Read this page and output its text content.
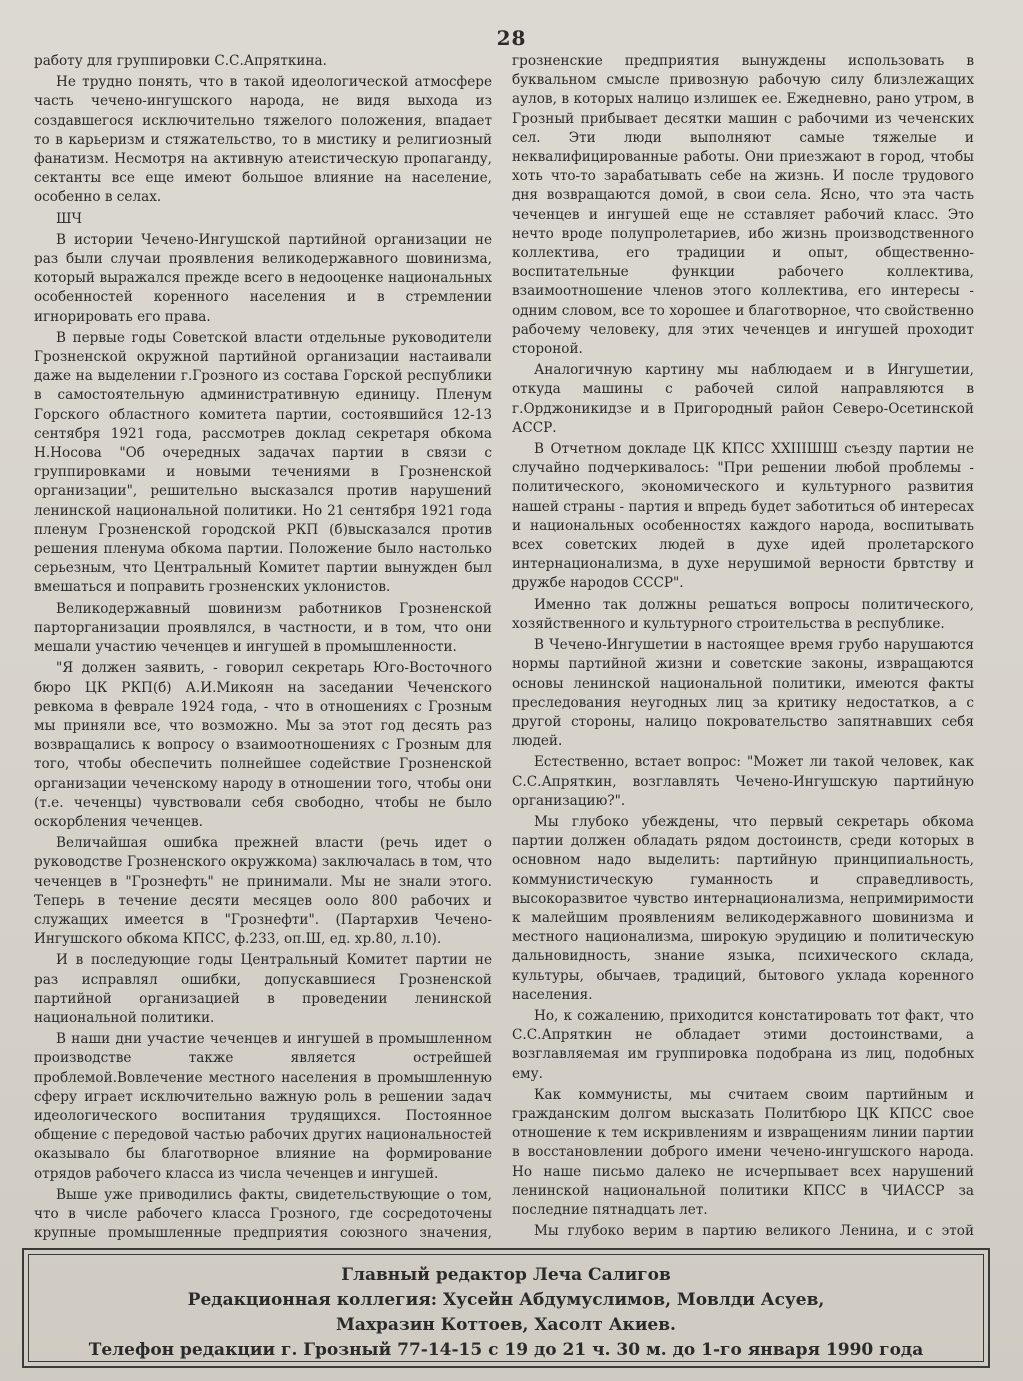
28

работу для группировки С.С.Апряткина.

Не трудно понять, что в такой идеологической атмосфере часть чечено-ингушского народа, не видя выхода из создавшегося исключительно тяжелого положения, впадает то в карьеризм и стяжательство, то в мистику и религиозный фанатизм. Несмотря на активную атеистическую пропаганду, сектанты все еще имеют большое влияние на население, особенно в селах.

ШЧ

В истории Чечено-Ингушской партийной организации не раз были случаи проявления великодержавного шовинизма, который выражался прежде всего в недооценке национальных особенностей коренного населения и в стремлении игнорировать его права.

В первые годы Советской власти отдельные руководители Грозненской окружной партийной организации настаивали даже на выделении г.Грозного из состава Горской республики в самостоятельную административную единицу. Пленум Горского областного комитета партии, состоявшийся 12-13 сентября 1921 года, рассмотрев доклад секретаря обкома Н.Носова "Об очередных задачах партии в связи с группировками и новыми течениями в Грозненской организации", решительно высказался против нарушений ленинской национальной политики. Но 21 сентября 1921 года пленум Грозненской городской РКП (б)высказался против решения пленума обкома партии. Положение было настолько серьезным, что Центральный Комитет партии вынужден был вмешаться и поправить грозненских уклонистов.

Великодержавный шовинизм работников Грозненской парторганизации проявлялся, в частности, и в том, что они мешали участию чеченцев и ингушей в промышленности.

"Я должен заявить, - говорил секретарь Юго-Восточного бюро ЦК РКП(б) А.И.Микоян на заседании Чеченского ревкома в феврале 1924 года, - что в отношениях с Грозным мы приняли все, что возможно. Мы за этот год десять раз возвращались к вопросу о взаимоотношениях с Грозным для того, чтобы обеспечить полнейшее содействие Грозненской организации чеченскому народу в отношении того, чтобы они (т.е. чеченцы) чувствовали себя свободно, чтобы не было оскорбления чеченцев.

Величайшая ошибка прежней власти (речь идет о руководстве Грозненского окружкома) заключалась в том, что чеченцев в "Грознефть" не принимали. Мы не знали этого. Теперь в течение десяти месяцев ооло 800 рабочих и служащих имеется в "Грознефти". (Партархив Чечено-Ингушского обкома КПСС, ф.233, оп.Ш, ед. хр.80, л.10).

И в последующие годы Центральный Комитет партии не раз исправлял ошибки, допускавшиеся Грозненской партийной организацией в проведении ленинской национальной политики.

В наши дни участие чеченцев и ингушей в промышленном производстве также является острейшей проблемой.Вовлечение местного населения в промышленную сферу играет исключительно важную роль в решении задач идеологического воспитания трудящихся. Постоянное общение с передовой частью рабочих других национальностей оказывало бы благотворное влияние на формирование отрядов рабочего класса из числа чеченцев и ингушей.

Выше уже приводились факты, свидетельствующие о том, что в числе рабочего класса Грозного, где сосредоточены крупные промышленные предприятия союзного значения,

грозненские предприятия вынуждены использовать в буквальном смысле привозную рабочую силу близлежащих аулов, в которых налицо излишек ее. Ежедневно, рано утром, в Грозный прибывает десятки машин с рабочими из чеченских сел. Эти люди выполняют самые тяжелые и неквалифицированные работы. Они приезжают в город, чтобы хоть что-то зарабатывать себе на жизнь. И после трудового дня возвращаются домой, в свои села. Ясно, что эта часть чеченцев и ингушей еще не сставляет рабочий класс. Это нечто вроде полупролетариев, ибо жизнь производственного коллектива, его традиции и опыт, общественно-воспитательные функции рабочего коллектива, взаимоотношение членов этого коллектива, его интересы - одним словом, все то хорошее и благотворное, что свойственно рабочему человеку, для этих чеченцев и ингушей проходит стороной.

Аналогичную картину мы наблюдаем и в Ингушетии, откуда машины с рабочей силой направляются в г.Орджоникидзе и в Пригородный район Северо-Осетинской АССР.

В Отчетном докладе ЦК КПСС XXIIIШШ съезду партии не случайно подчеркивалось: "При решении любой проблемы - политического, экономического и культурного развития нашей страны - партия и впредь будет заботиться об интересах и национальных особенностях каждого народа, воспитывать всех советских людей в духе идей пролетарского интернационализма, в духе нерушимой верности брвтству и дружбе народов СССР".

Именно так должны решаться вопросы политического, хозяйственного и культурного строительства в республике.

В Чечено-Ингушетии в настоящее время грубо нарушаются нормы партийной жизни и советские законы, извращаются основы ленинской национальной политики, имеются факты преследования неугодных лиц за критику недостатков, а с другой стороны, налицо покровательство запятнавших себя людей.

Естественно, встает вопрос: "Может ли такой человек, как С.С.Апряткин, возглавлять Чечено-Ингушскую партийную организацию?".

Мы глубоко убеждены, что первый секретарь обкома партии должен обладать рядом достоинств, среди которых в основном надо выделить: партийную принципиальность, коммунистическую гуманность и справедливость, высокоразвитое чувство интернационализма, непримиримости к малейшим проявлениям великодержавного шовинизма и местного национализма, широкую эрудицию и политическую дальновидность, знание языка, психического склада, культуры, обычаев, традиций, бытового уклада коренного населения.

Но, к сожалению, приходится констатировать тот факт, что С.С.Апряткин не обладает этими достоинствами, а возглавляемая им группировка подобрана из лиц, подобных ему.

Как коммунисты, мы считаем своим партийным и гражданским долгом высказать Политбюро ЦК КПСС свое отношение к тем искривлениям и извращениям линии партии в восстановлении доброго имени чечено-ингушского народа. Но наше письмо далеко не исчерпывает всех нарушений ленинской национальной политики КПСС в ЧИАССР за последние пятнадцать лет.

Мы глубоко верим в партию великого Ленина, и с этой

Главный редактор Леча Салигов
Редакционная коллегия: Хусейн Абдумуслимов, Мовлди Асуев,
Махразин Коттоев, Хасолт Акиев.
Телефон редакции г. Грозный 77-14-15 с 19 до 21 ч. 30 м. до 1-го января 1990 года
